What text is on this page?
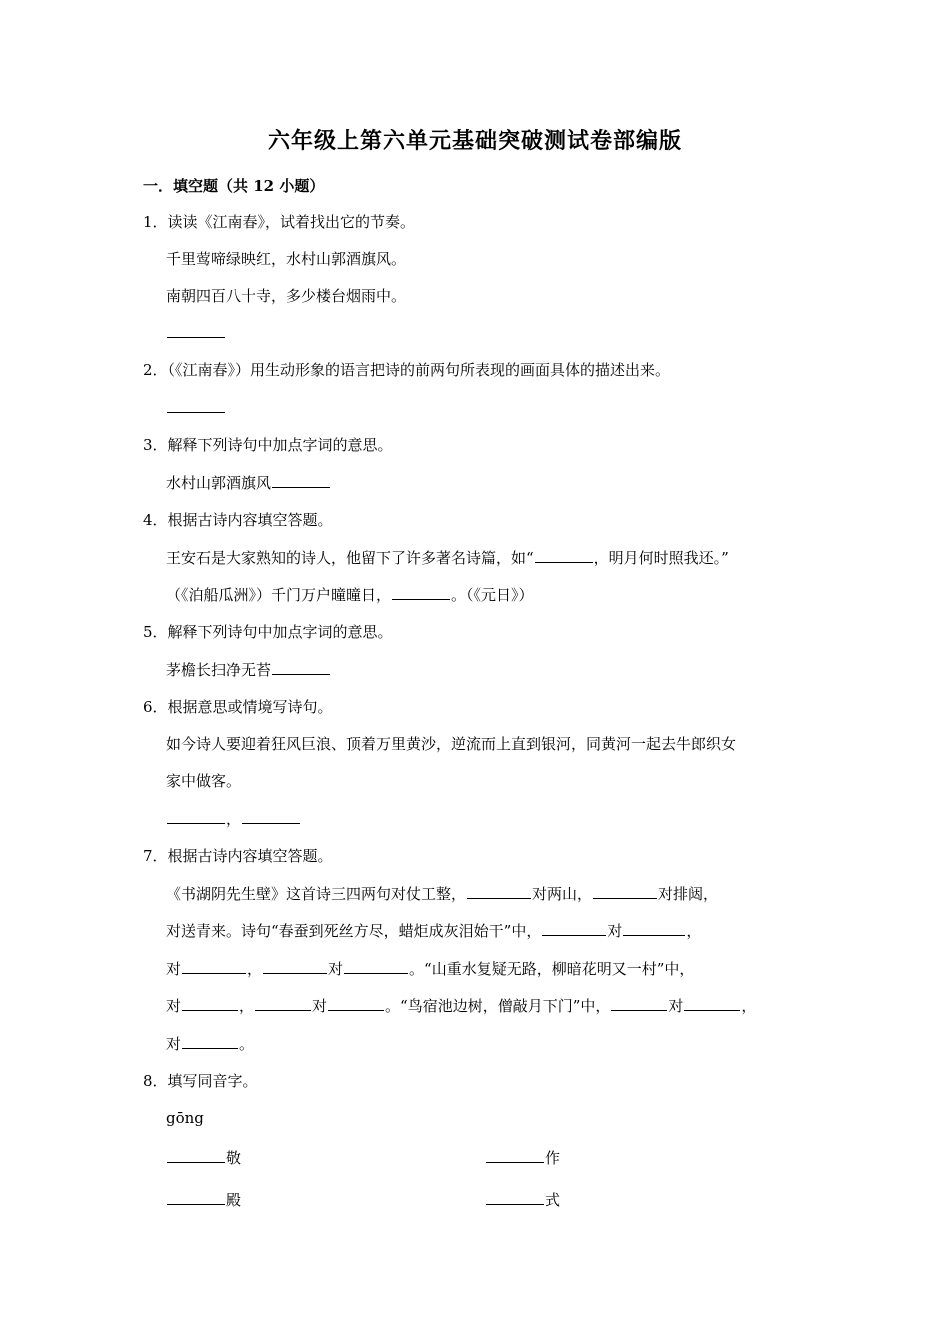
六年级上第六单元基础突破测试卷部编版
一．填空题（共 12 小题）
1．读读《江南春》，试着找出它的节奏。
千里莺啼绿映红，水村山郭酒旗风。
南朝四百八十寺，多少楼台烟雨中。
2．（《江南春》）用生动形象的语言把诗的前两句所表现的画面具体的描述出来。
3．解释下列诗句中加点字词的意思。
水村山郭酒旗风
4．根据古诗内容填空答题。
王安石是大家熟知的诗人，他留下了许多著名诗篇，如“	，明月何时照我还。”
（《泊船瓜洲》）千门万户曈曈日，	。（《元日》）
5．解释下列诗句中加点字词的意思。
茅檐长扫净无苔
6．根据意思或情境写诗句。
如今诗人要迎着狂风巨浪、顶着万里黄沙，逆流而上直到银河，同黄河一起去牛郎织女
家中做客。
，
7．根据古诗内容填空答题。
《书湖阴先生壁》这首诗三四两句对仗工整，	对两山，	对排闼，
对送青来。诗句“春蚕到死丝方尽，蜡炬成灰泪始干”中，	对	，
对	，	对	。“山重水复疑无路，柳暗花明又一村”中，
对	，	对	。“鸟宿池边树，僧敲月下门”中，	对	，
对	。
8．填写同音字。
gōng
敬	作
殿	式
